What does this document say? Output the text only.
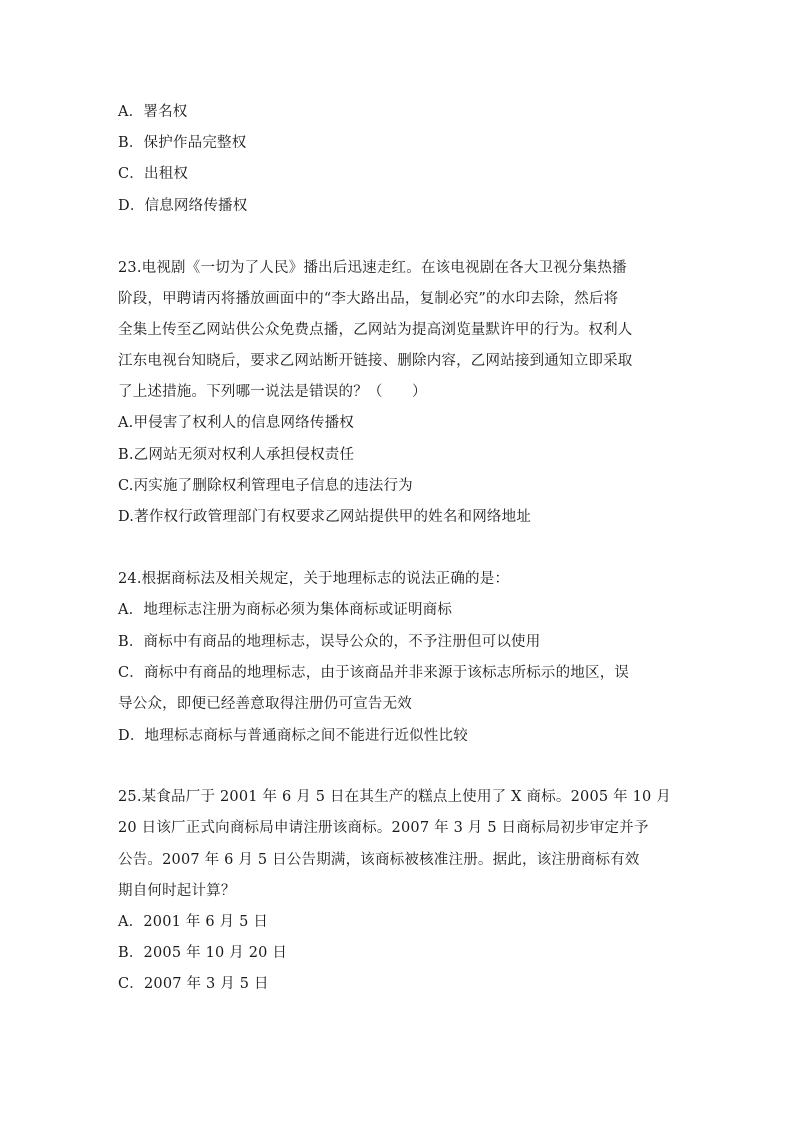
A．署名权
B．保护作品完整权
C．出租权
D．信息网络传播权
23.电视剧《一切为了人民》播出后迅速走红。在该电视剧在各大卫视分集热播
阶段，甲聘请丙将播放画面中的“李大路出品，复制必究”的水印去除，然后将
全集上传至乙网站供公众免费点播，乙网站为提高浏览量默许甲的行为。权利人
江东电视台知晓后，要求乙网站断开链接、删除内容，乙网站接到通知立即采取
了上述措施。下列哪一说法是错误的？（　　）
A.甲侵害了权利人的信息网络传播权
B.乙网站无须对权利人承担侵权责任
C.丙实施了删除权利管理电子信息的违法行为
D.著作权行政管理部门有权要求乙网站提供甲的姓名和网络地址
24.根据商标法及相关规定，关于地理标志的说法正确的是：
A．地理标志注册为商标必须为集体商标或证明商标
B．商标中有商品的地理标志，误导公众的，不予注册但可以使用
C．商标中有商品的地理标志，由于该商品并非来源于该标志所标示的地区，误
导公众，即便已经善意取得注册仍可宣告无效
D．地理标志商标与普通商标之间不能进行近似性比较
25.某食品厂于 2001 年 6 月 5 日在其生产的糕点上使用了 X 商标。2005 年 10 月
20 日该厂正式向商标局申请注册该商标。2007 年 3 月 5 日商标局初步审定并予
公告。2007 年 6 月 5 日公告期满，该商标被核准注册。据此，该注册商标有效
期自何时起计算？
A．2001 年 6 月 5 日
B．2005 年 10 月 20 日
C．2007 年 3 月 5 日
